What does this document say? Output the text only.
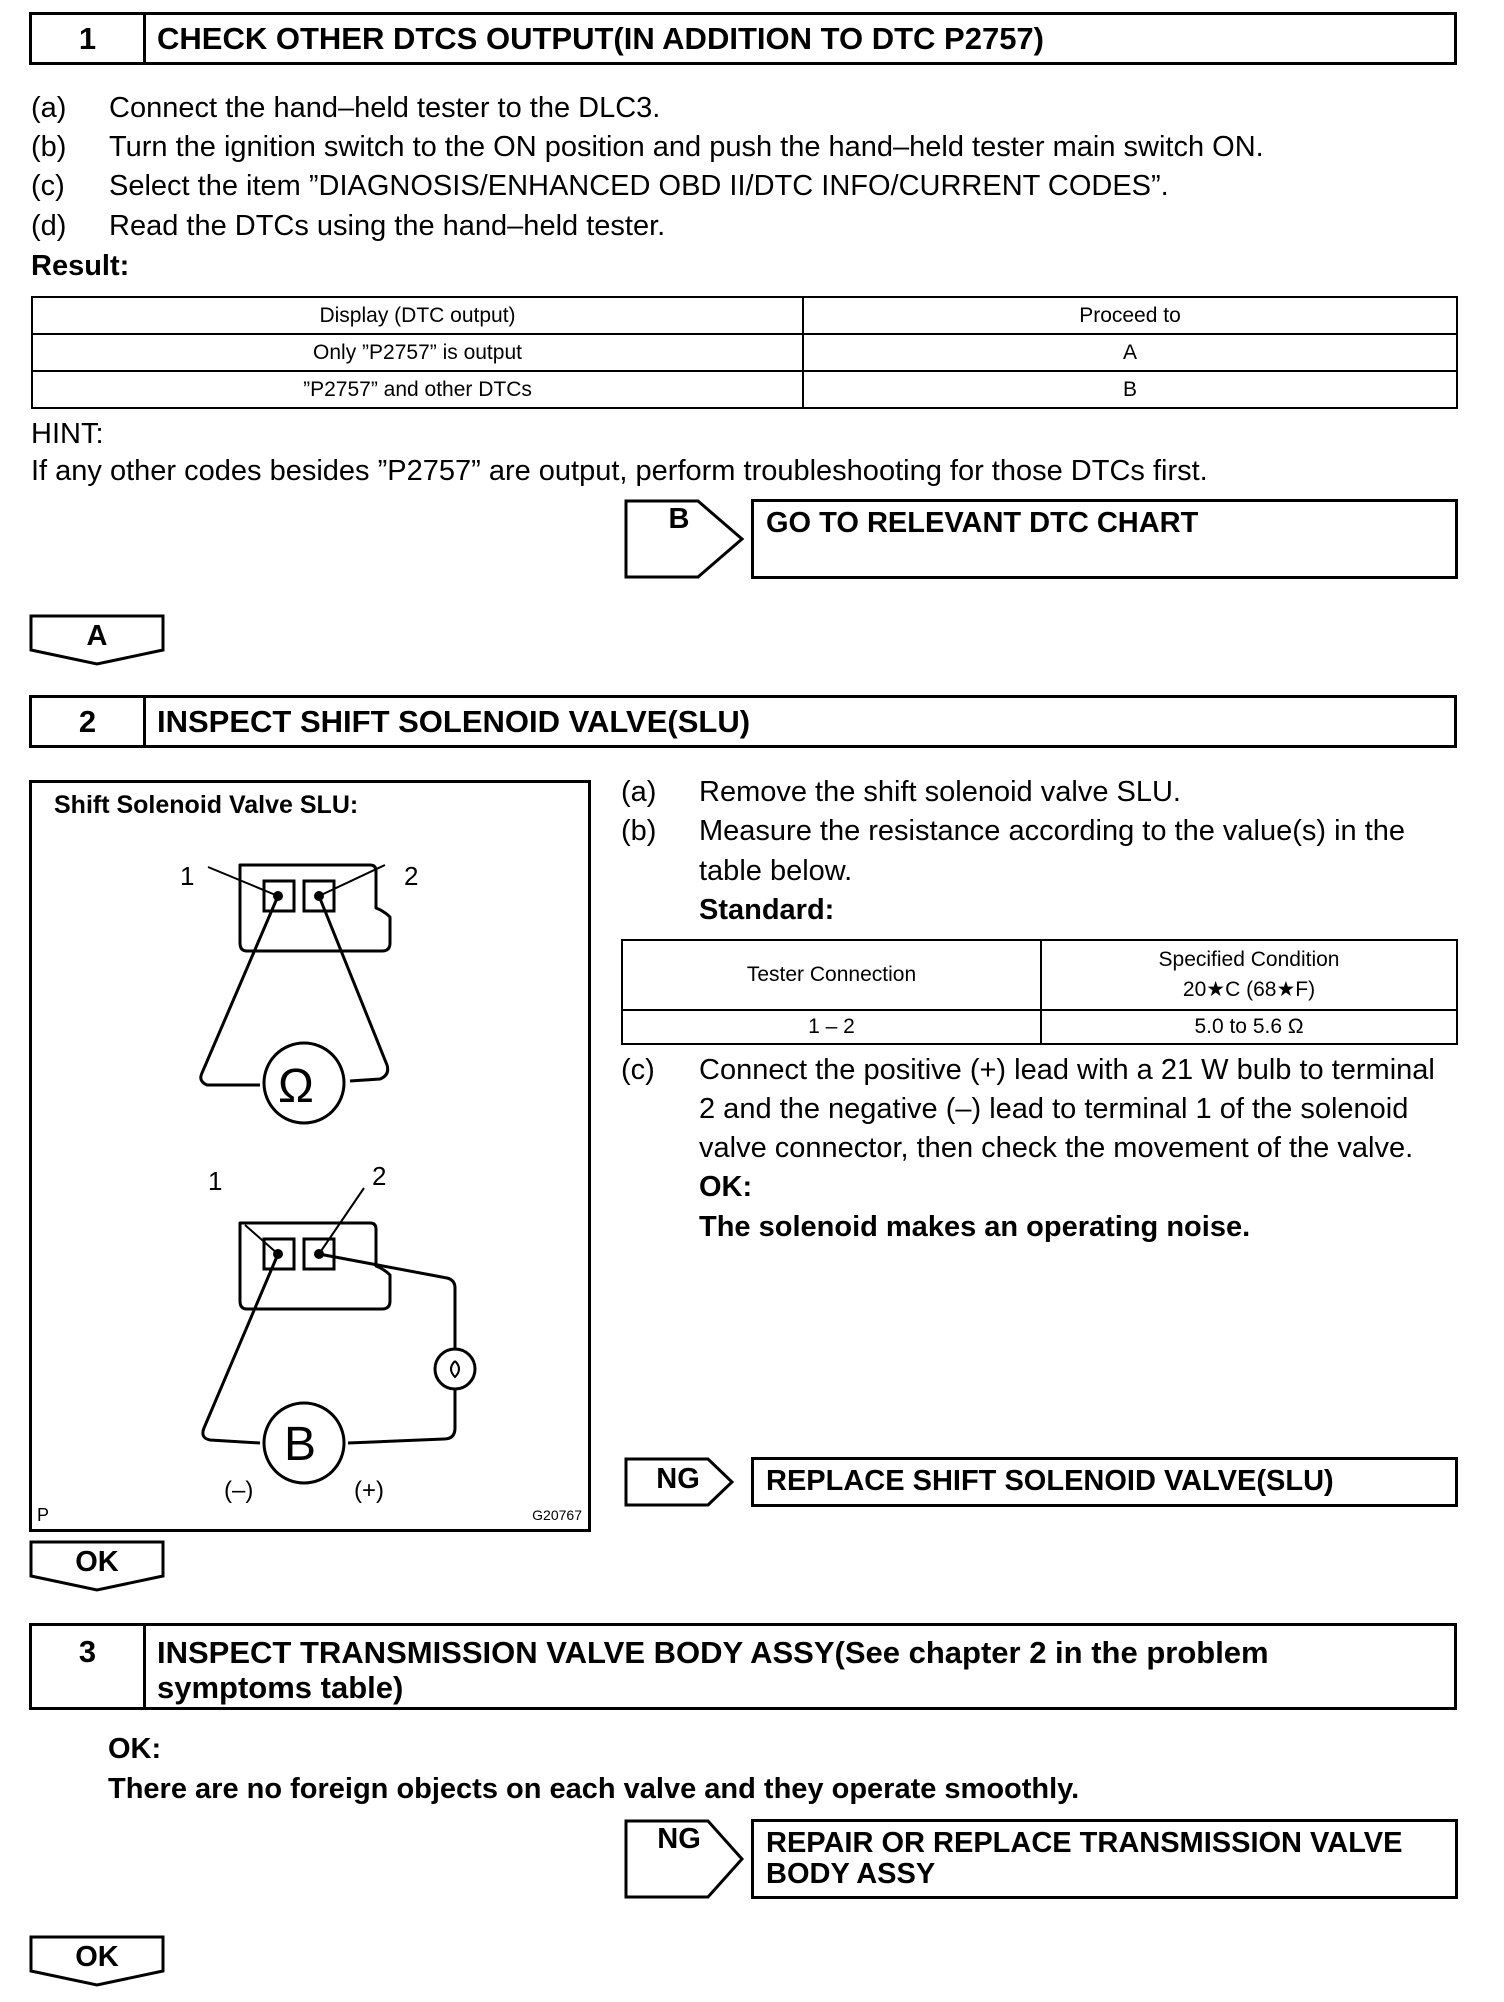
1	CHECK OTHER DTCS OUTPUT(IN ADDITION TO DTC P2757)
(a) Connect the hand–held tester to the DLC3.
(b) Turn the ignition switch to the ON position and push the hand–held tester main switch ON.
(c) Select the item ”DIAGNOSIS/ENHANCED OBD II/DTC INFO/CURRENT CODES”.
(d) Read the DTCs using the hand–held tester.
Result:
Display (DTC output)	Proceed to
Only ”P2757” is output	A
”P2757” and other DTCs	B
HINT:
If any other codes besides ”P2757” are output, perform troubleshooting for those DTCs first.
B	GO TO RELEVANT DTC CHART
A
2	INSPECT SHIFT SOLENOID VALVE(SLU)
Shift Solenoid Valve SLU:
1	2
Ω
1	2
B
(–)	(+)
P	G20767
(a) Remove the shift solenoid valve SLU.
(b) Measure the resistance according to the value(s) in the
table below.
Standard:
Tester Connection	Specified Condition
20★C (68★F)

1 – 2	5.0 to 5.6 Ω
(c) Connect the positive (+) lead with a 21 W bulb to terminal
2 and the negative (–) lead to terminal 1 of the solenoid
valve connector, then check the movement of the valve.
OK:
The solenoid makes an operating noise.
NG	REPLACE SHIFT SOLENOID VALVE(SLU)
OK
3	INSPECT TRANSMISSION VALVE BODY ASSY(See chapter 2 in the problem
symptoms table)
OK:
There are no foreign objects on each valve and they operate smoothly.
NG	REPAIR OR REPLACE TRANSMISSION VALVE
BODY ASSY
OK
